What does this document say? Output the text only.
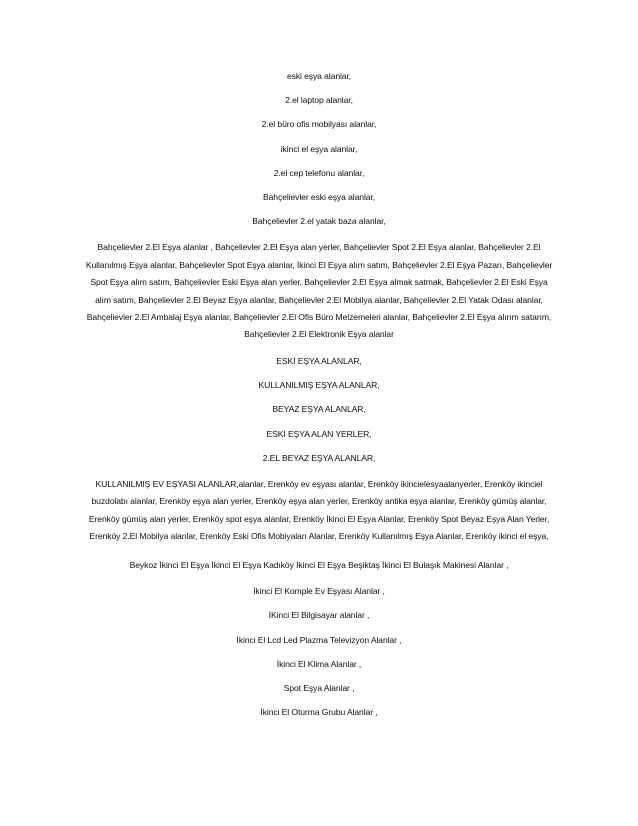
eski eşya alanlar,
2.el laptop alanlar,
2.el büro ofis mobilyası alanlar,
ikinci el eşya alanlar,
2.el cep telefonu alanlar,
Bahçelievler eski eşya alanlar,
Bahçelievler 2.el yatak baza alanlar,
Bahçelievler 2.El Eşya alanlar , Bahçelievler 2.El Eşya alan yerler, Bahçelievler Spot 2.El Eşya alanlar, Bahçelievler 2.El Kullanılmış Eşya alanlar, Bahçelievler Spot Eşya alanlar, İkinci El Eşya alım satım, Bahçelievler 2.El Eşya Pazarı, Bahçelievler Spot Eşya alım satım, Bahçelievler Eski Eşya alan yerler, Bahçelievler 2.El Eşya almak satmak, Bahçelievler 2.El Eski Eşya alım satım, Bahçelievler 2.El Beyaz Eşya alanlar, Bahçelievler 2.El Mobilya alanlar, Bahçelievler 2.El Yatak Odası alanlar, Bahçelievler 2.El Ambalaj Eşya alanlar, Bahçelievler 2.El Ofis Büro Melzemeleri alanlar, Bahçelievler 2.El Eşya alırım satarım, Bahçelievler 2.El Elektronik Eşya alanlar
ESKİ EŞYA ALANLAR,
KULLANILMIŞ EŞYA ALANLAR,
BEYAZ EŞYA ALANLAR,
ESKİ EŞYA ALAN YERLER,
2.EL BEYAZ EŞYA ALANLAR,
KULLANILMIŞ EV EŞYASI ALANLAR,alanlar, Erenköy ev eşyası alanlar, Erenköy ikincielesyaalanyerler, Erenköy ikinciel buzdolabı alanlar, Erenköy eşya alan yerler, Erenköy eşya alan yerler, Erenköy antika eşya alanlar, Erenköy gümüş alanlar, Erenköy gümüş alan yerler, Erenköy spot eşya alanlar, Erenköy İkinci El Eşya Alanlar, Erenköy Spot Beyaz Eşya Alan Yerler, Erenköy 2.El Mobilya alanlar, Erenköy Eski Ofis Mobiyaları Alanlar, Erenköy Kullanılmış Eşya Alanlar, Erenköy ikinci el eşya,
Beykoz İkinci El Eşya İkinci El Eşya Kadıköy İkinci El Eşya Beşiktaş İkinci El Bulaşık Makinesi Alanlar ,
İkinci El Komple Ev Eşyası Alanlar ,
İKinci El Bilgisayar alanlar ,
İkinci El Lcd Led Plazma Televizyon Alanlar ,
İkinci El Klima Alanlar ,
Spot Eşya Alanlar ,
İkinci El Oturma Grubu Alanlar ,
